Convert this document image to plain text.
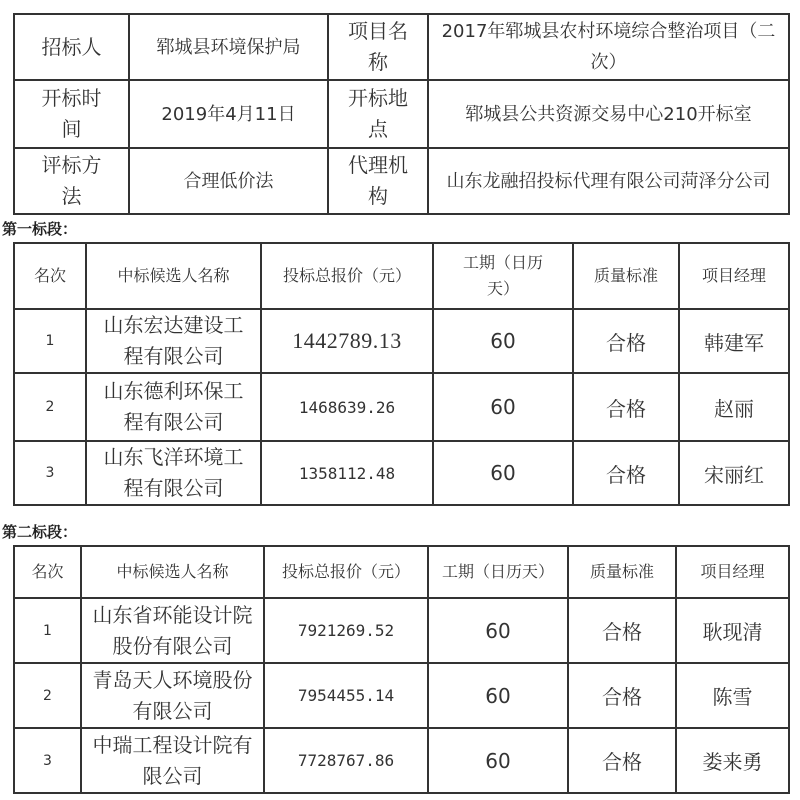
招标人	郓城县环境保护局	项目名称	2017年郓城县农村环境综合整治项目（二次）
开标时间	2019年4月11日	开标地点	郓城县公共资源交易中心210开标室
评标方法	合理低价法	代理机构	山东龙融招投标代理有限公司菏泽分公司
第一标段：
名次	中标候选人名称	投标总报价（元）	工期（日历天）	质量标准	项目经理
1	山东宏达建设工程有限公司	1442789.13	60	合格	韩建军
2	山东德利环保工程有限公司	1468639.26	60	合格	赵丽
3	山东飞洋环境工程有限公司	1358112.48	60	合格	宋丽红
第二标段：
名次	中标候选人名称	投标总报价（元）	工期（日历天）	质量标准	项目经理
1	山东省环能设计院股份有限公司	7921269.52	60	合格	耿现清
2	青岛天人环境股份有限公司	7954455.14	60	合格	陈雪
3	中瑞工程设计院有限公司	7728767.86	60	合格	娄来勇
